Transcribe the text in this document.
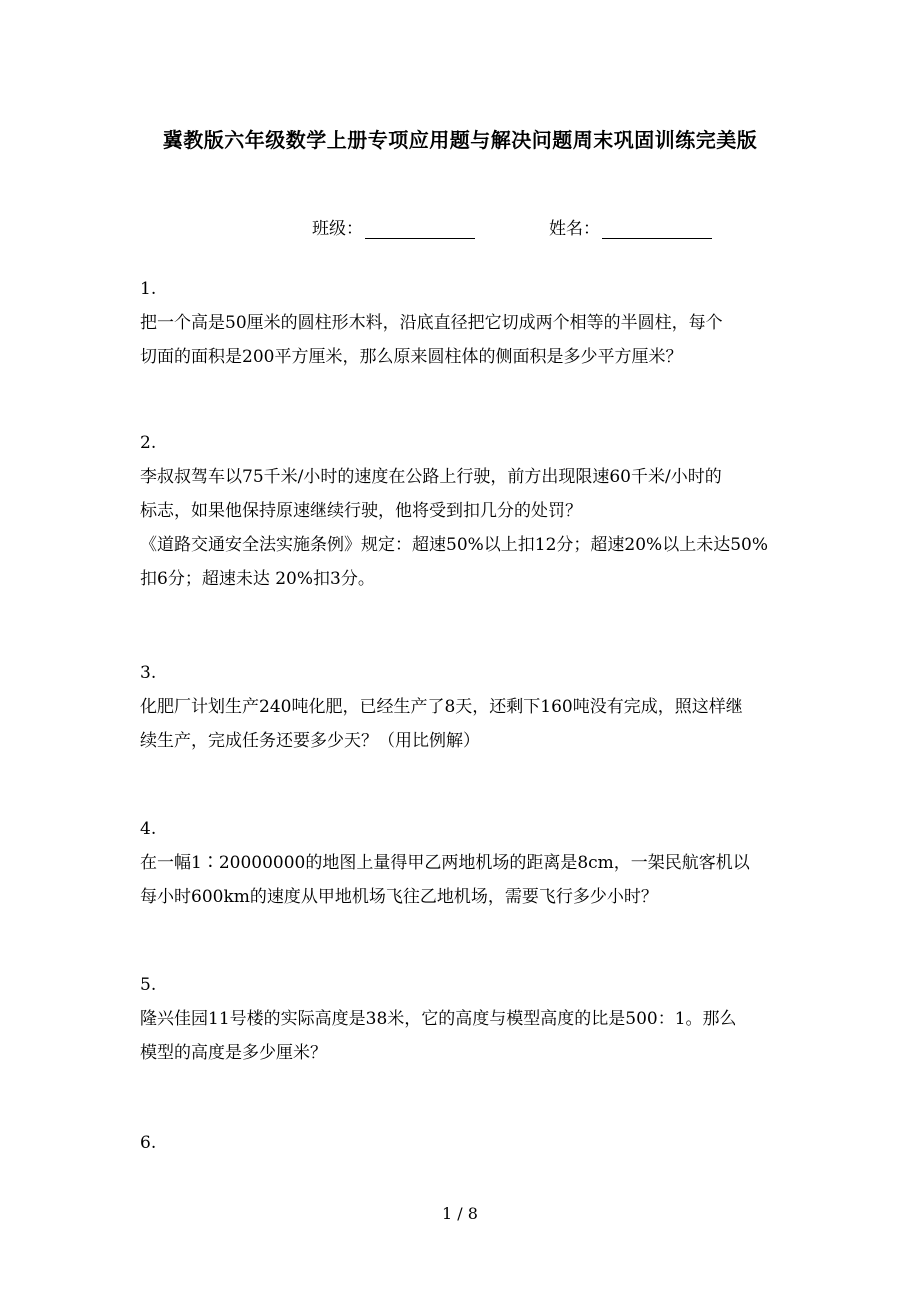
冀教版六年级数学上册专项应用题与解决问题周末巩固训练完美版
班级：	姓名：
1.
把一个高是50厘米的圆柱形木料，沿底直径把它切成两个相等的半圆柱，每个
切面的面积是200平方厘米，那么原来圆柱体的侧面积是多少平方厘米？
2.
李叔叔驾车以75千米/小时的速度在公路上行驶，前方出现限速60千米/小时的
标志，如果他保持原速继续行驶，他将受到扣几分的处罚？
《道路交通安全法实施条例》规定：超速50%以上扣12分；超速20%以上未达50%
扣6分；超速未达 20%扣3分。
3.
化肥厂计划生产240吨化肥，已经生产了8天，还剩下160吨没有完成，照这样继
续生产，完成任务还要多少天？（用比例解）
4.
在一幅1∶20000000的地图上量得甲乙两地机场的距离是8cm，一架民航客机以
每小时600km的速度从甲地机场飞往乙地机场，需要飞行多少小时？
5.
隆兴佳园11号楼的实际高度是38米，它的高度与模型高度的比是500：1。那么
模型的高度是多少厘米？
6.
1 / 8
